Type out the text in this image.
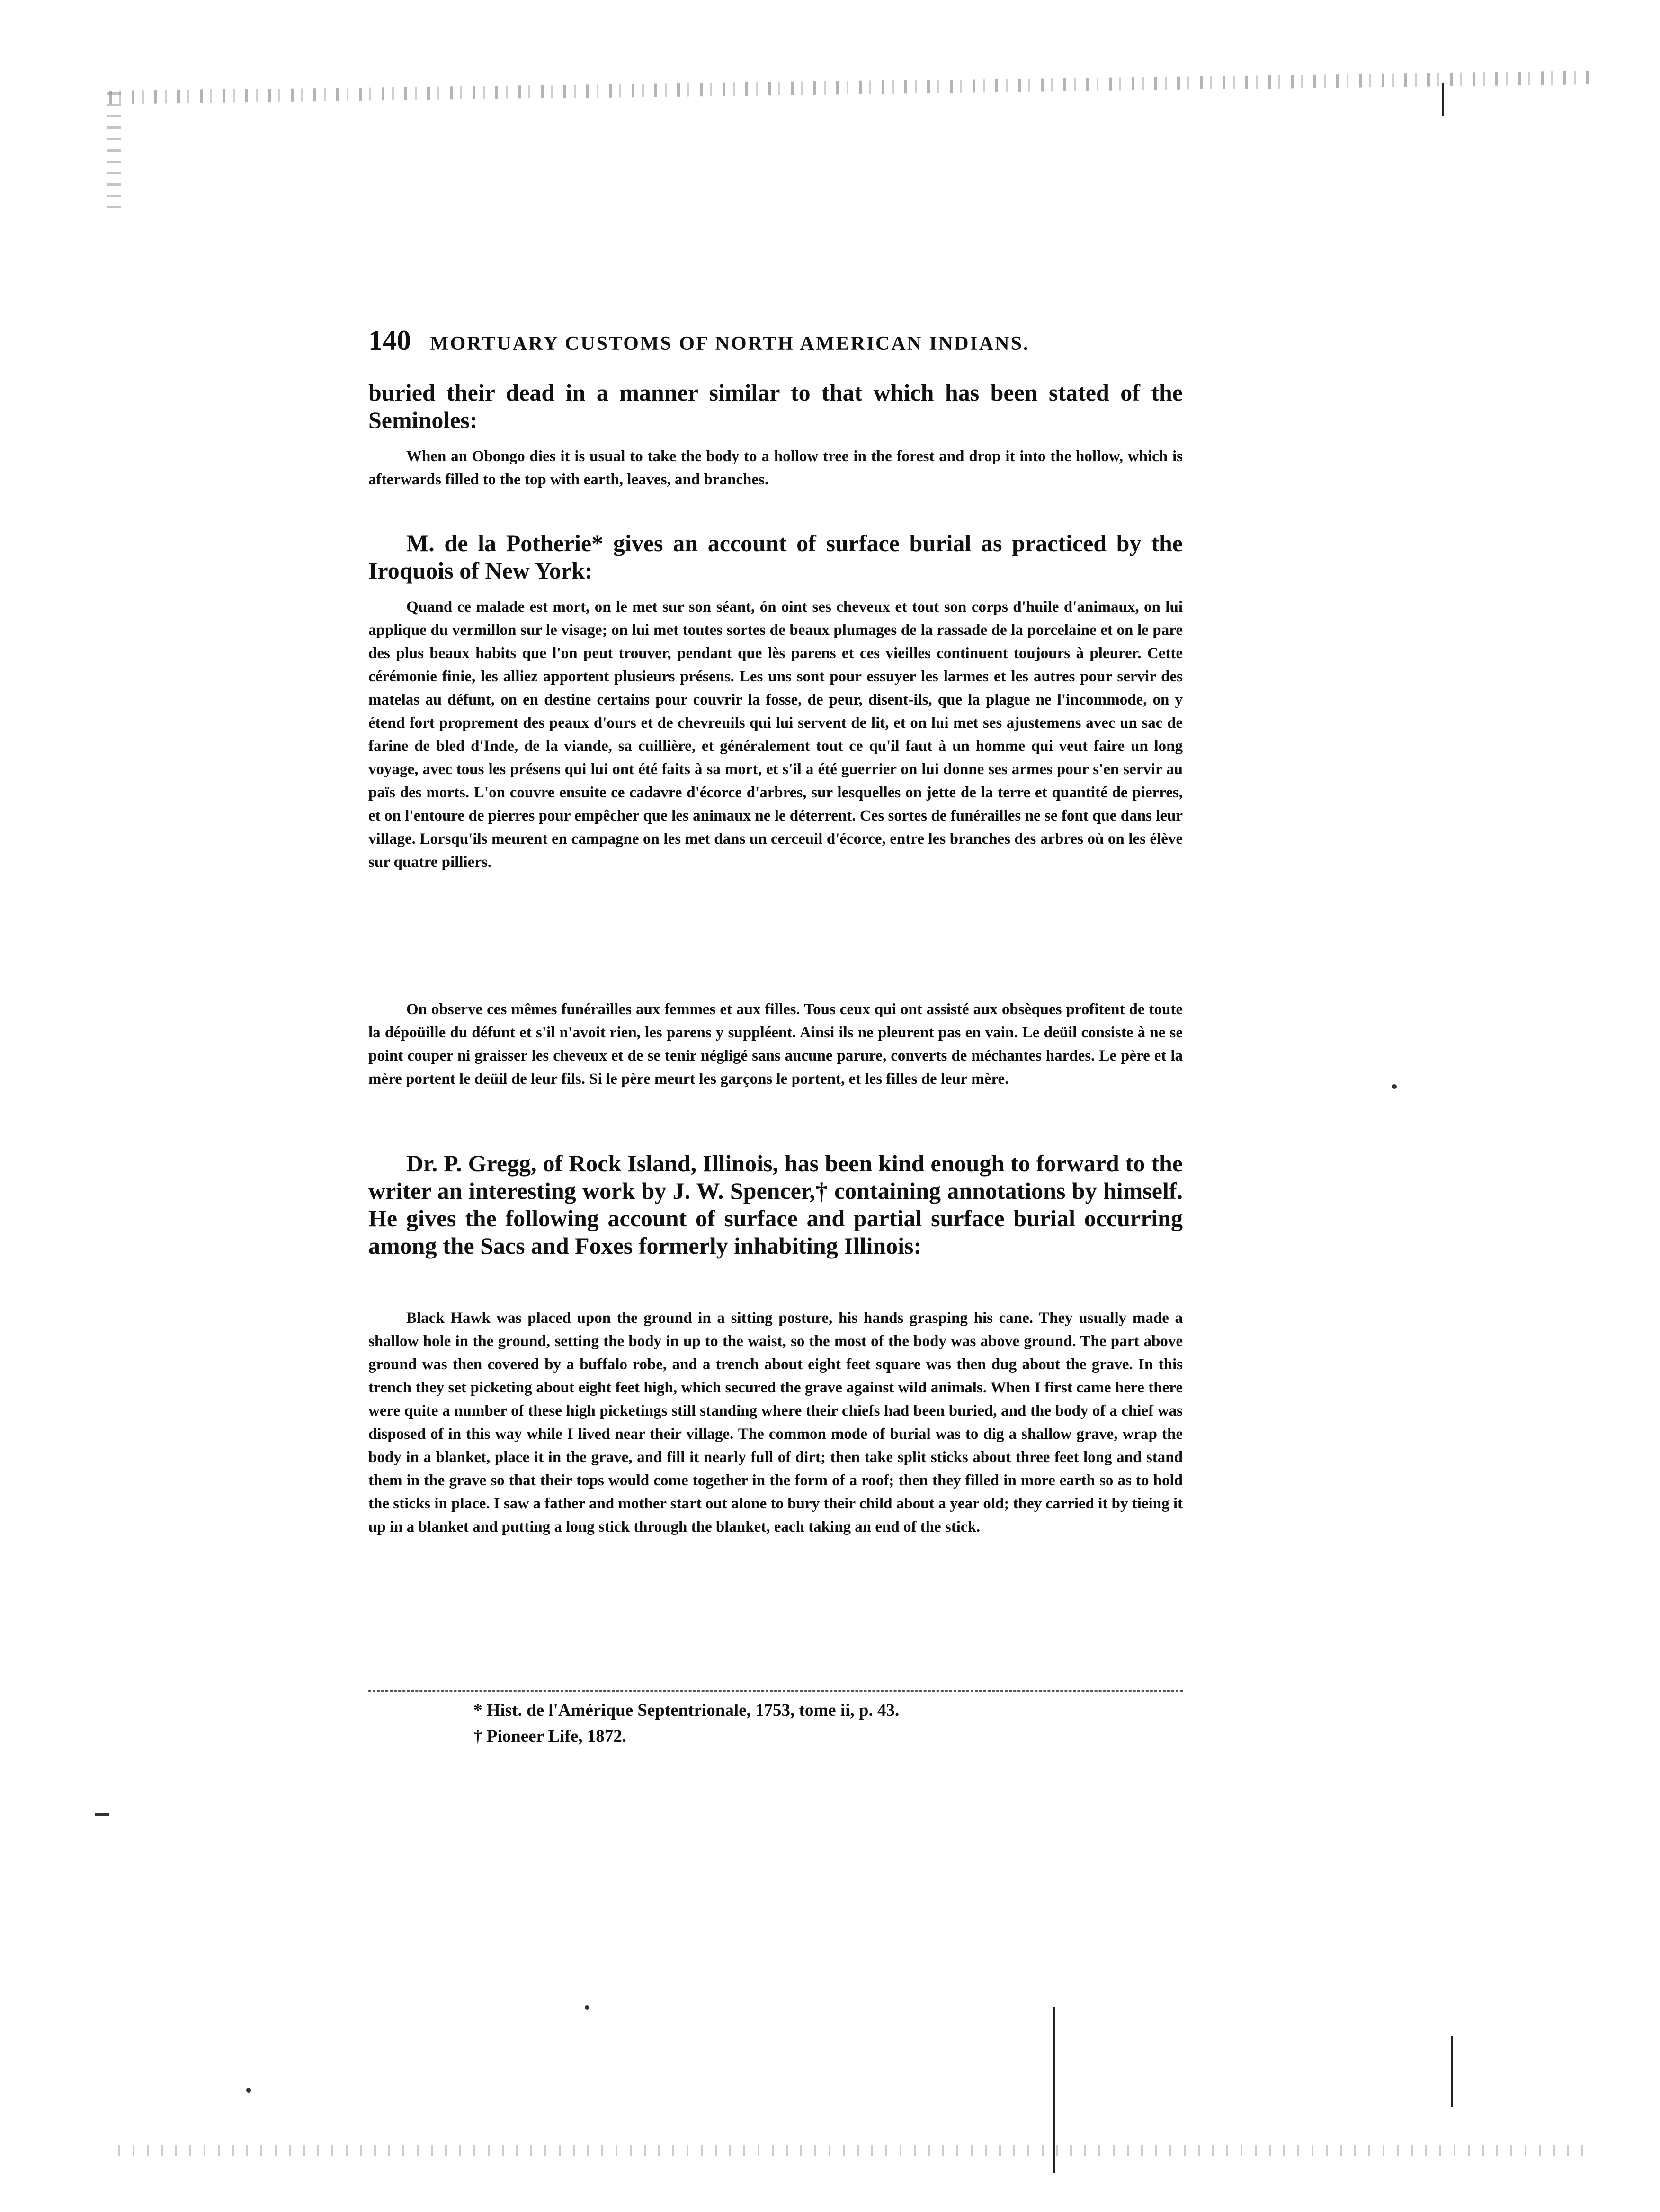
140 MORTUARY CUSTOMS OF NORTH AMERICAN INDIANS.

buried their dead in a manner similar to that which has been stated of the Seminoles:

When an Obongo dies it is usual to take the body to a hollow tree in the forest and drop it into the hollow, which is afterwards filled to the top with earth, leaves, and branches.

M. de la Potherie* gives an account of surface burial as practiced by the Iroquois of New York:

Quand ce malade est mort, on le met sur son séant, ón oint ses cheveux et tout son corps d'huile d'animaux, on lui applique du vermillon sur le visage; on lui met toutes sortes de beaux plumages de la rassade de la porcelaine et on le pare des plus beaux habits que l'on peut trouver, pendant que lès parens et ces vieilles continuent toujours à pleurer. Cette cérémonie finie, les alliez apportent plusieurs présens. Les uns sont pour essuyer les larmes et les autres pour servir des matelas au défunt, on en destine certains pour couvrir la fosse, de peur, disent-ils, que la plague ne l'incommode, on y étend fort proprement des peaux d'ours et de chevreuils qui lui servent de lit, et on lui met ses ajustemens avec un sac de farine de bled d'Inde, de la viande, sa cuillière, et généralement tout ce qu'il faut à un homme qui veut faire un long voyage, avec tous les présens qui lui ont été faits à sa mort, et s'il a été guerrier on lui donne ses armes pour s'en servir au païs des morts. L'on couvre ensuite ce cadavre d'écorce d'arbres, sur lesquelles on jette de la terre et quantité de pierres, et on l'entoure de pierres pour empêcher que les animaux ne le déterrent. Ces sortes de funérailles ne se font que dans leur village. Lorsqu'ils meurent en campagne on les met dans un cerceuil d'écorce, entre les branches des arbres où on les élève sur quatre pilliers.

On observe ces mêmes funérailles aux femmes et aux filles. Tous ceux qui ont assisté aux obsèques profitent de toute la dépoüille du défunt et s'il n'avoit rien, les parens y suppléent. Ainsi ils ne pleurent pas en vain. Le deüil consiste à ne se point couper ni graisser les cheveux et de se tenir négligé sans aucune parure, converts de méchantes hardes. Le père et la mère portent le deüil de leur fils. Si le père meurt les garçons le portent, et les filles de leur mère.

Dr. P. Gregg, of Rock Island, Illinois, has been kind enough to forward to the writer an interesting work by J. W. Spencer,† containing annotations by himself. He gives the following account of surface and partial surface burial occurring among the Sacs and Foxes formerly inhabiting Illinois:

Black Hawk was placed upon the ground in a sitting posture, his hands grasping his cane. They usually made a shallow hole in the ground, setting the body in up to the waist, so the most of the body was above ground. The part above ground was then covered by a buffalo robe, and a trench about eight feet square was then dug about the grave. In this trench they set picketing about eight feet high, which secured the grave against wild animals. When I first came here there were quite a number of these high picketings still standing where their chiefs had been buried, and the body of a chief was disposed of in this way while I lived near their village. The common mode of burial was to dig a shallow grave, wrap the body in a blanket, place it in the grave, and fill it nearly full of dirt; then take split sticks about three feet long and stand them in the grave so that their tops would come together in the form of a roof; then they filled in more earth so as to hold the sticks in place. I saw a father and mother start out alone to bury their child about a year old; they carried it by tieing it up in a blanket and putting a long stick through the blanket, each taking an end of the stick.

* Hist. de l'Amérique Septentrionale, 1753, tome ii, p. 43.
† Pioneer Life, 1872.
